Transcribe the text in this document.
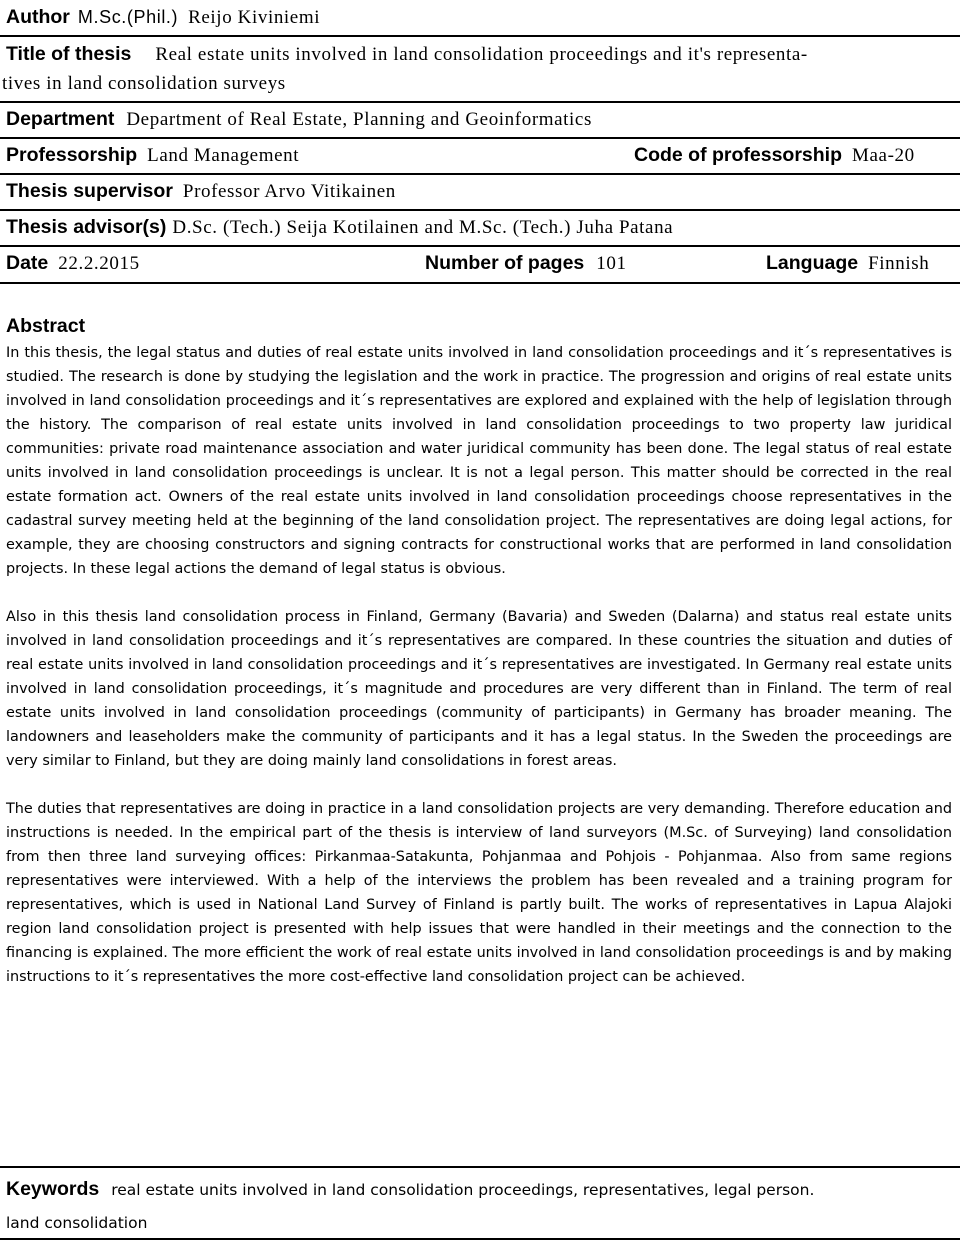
Author M.Sc.(Phil.) Reijo Kiviniemi
Title of thesis Real estate units involved in land consolidation proceedings and it's representa-
tives in land consolidation surveys
Department Department of Real Estate, Planning and Geoinformatics
Professorship Land Management	Code of professorship Maa-20
Thesis supervisor Professor Arvo Vitikainen
Thesis advisor(s) D.Sc. (Tech.) Seija Kotilainen and M.Sc. (Tech.) Juha Patana
Date 22.2.2015	Number of pages 101	Language Finnish
Abstract

In this thesis, the legal status and duties of real estate units involved in land consolidation proceedings and it´s representatives is studied. The research is done by studying the legislation and the work in practice. The progression and origins of real estate units involved in land consolidation proceedings and it´s representatives are explored and explained with the help of legislation through the history. The comparison of real estate units involved in land consolidation proceedings to two property law juridical communities: private road maintenance association and water juridical community has been done. The legal status of real estate units involved in land consolidation proceedings is unclear. It is not a legal person. This matter should be corrected in the real estate formation act. Owners of the real estate units involved in land consolidation proceedings choose representatives in the cadastral survey meeting held at the beginning of the land consolidation project. The representatives are doing legal actions, for example, they are choosing constructors and signing contracts for constructional works that are performed in land consolidation projects. In these legal actions the demand of legal status is obvious.

Also in this thesis land consolidation process in Finland, Germany (Bavaria) and Sweden (Dalarna) and status real estate units involved in land consolidation proceedings and it´s representatives are compared. In these countries the situation and duties of real estate units involved in land consolidation proceedings and it´s representatives are investigated. In Germany real estate units involved in land consolidation proceedings, it´s magnitude and procedures are very different than in Finland. The term of real estate units involved in land consolidation proceedings (community of participants) in Germany has broader meaning. The landowners and leaseholders make the community of participants and it has a legal status. In the Sweden the proceedings are very similar to Finland, but they are doing mainly land consolidations in forest areas.

The duties that representatives are doing in practice in a land consolidation projects are very demanding. Therefore education and instructions is needed. In the empirical part of the thesis is interview of land surveyors (M.Sc. of Surveying) land consolidation from then three land surveying offices: Pirkanmaa-Satakunta, Pohjanmaa and Pohjois - Pohjanmaa. Also from same regions representatives were interviewed. With a help of the interviews the problem has been revealed and a training program for representatives, which is used in National Land Survey of Finland is partly built. The works of representatives in Lapua Alajoki region land consolidation project is presented with help issues that were handled in their meetings and the connection to the financing is explained. The more efficient the work of real estate units involved in land consolidation proceedings is and by making instructions to it´s representatives the more cost-effective land consolidation project can be achieved.

Keywords real estate units involved in land consolidation proceedings, representatives, legal person.
land consolidation
